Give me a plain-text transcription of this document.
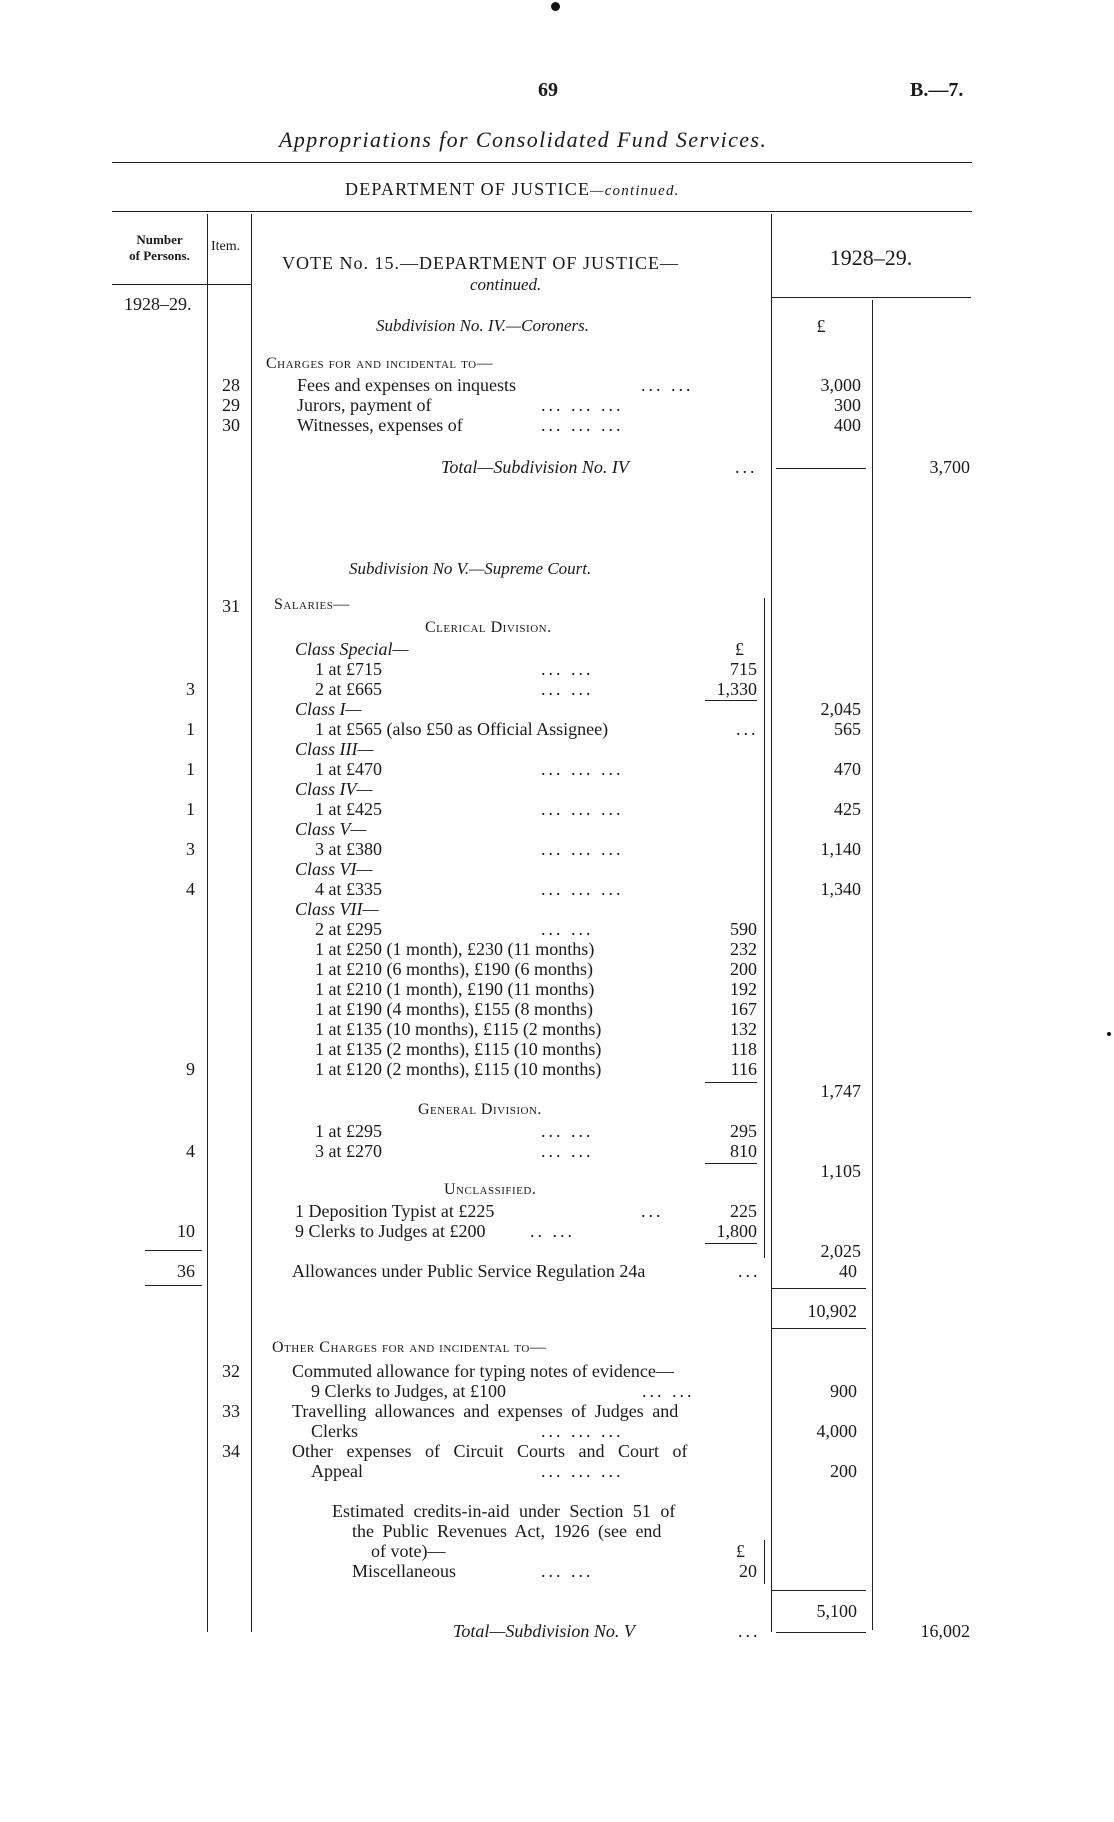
69	B.—7.
Appropriations for Consolidated Fund Services.
DEPARTMENT OF JUSTICE—continued.
Number
of Persons.
Item.
1928–29.
VOTE No. 15.—DEPARTMENT OF JUSTICE—
continued.
1928–29.
Subdivision No. IV.—Coroners.	£
Charges for and incidental to—
28	Fees and expenses on inquests	... ...	3,000
29	Jurors, payment of	... ... ...	300
30	Witnesses, expenses of	... ... ...	400
Total—Subdivision No. IV	...	3,700
Subdivision No V.—Supreme Court.
31 Salaries—
Clerical Division.
£
Class Special—
1 at £715	... ...	715
3	2 at £665	... ...	1,330
Class I—	2,045
1	1 at £565 (also £50 as Official Assignee)	...	565
Class III—
1	1 at £470	... ... ...	470
Class IV—
1	1 at £425	... ... ...	425
Class V—
3	3 at £380	... ... ...	1,140
Class VI—
4	4 at £335	... ... ...	1,340
Class VII—
2 at £295	... ...	590
1 at £250 (1 month), £230 (11 months)	232
1 at £210 (6 months), £190 (6 months)	200
1 at £210 (1 month), £190 (11 months)	192
1 at £190 (4 months), £155 (8 months)	167
1 at £135 (10 months), £115 (2 months)	132
1 at £135 (2 months), £115 (10 months)	118
9	1 at £120 (2 months), £115 (10 months)	116
1,747
General Division.
1 at £295	... ...	295
4	3 at £270	... ...	810
1,105
Unclassified.
1 Deposition Typist at £225	...	225
10	9 Clerks to Judges at £200 .. ...	1,800
2,025
36	Allowances under Public Service Regulation 24a	...	40
10,902
Other Charges for and incidental to—
32	Commuted allowance for typing notes of evidence—
9 Clerks to Judges, at £100	... ...	900
33	Travelling allowances and expenses of Judges and
Clerks	... ... ...	4,000
34	Other expenses of Circuit Courts and Court of
Appeal	... ... ...	200
Estimated credits-in-aid under Section 51 of
the Public Revenues Act, 1926 (see end
of vote)—	£
Miscellaneous	... ...	20
5,100
Total—Subdivision No. V	...	16,002
